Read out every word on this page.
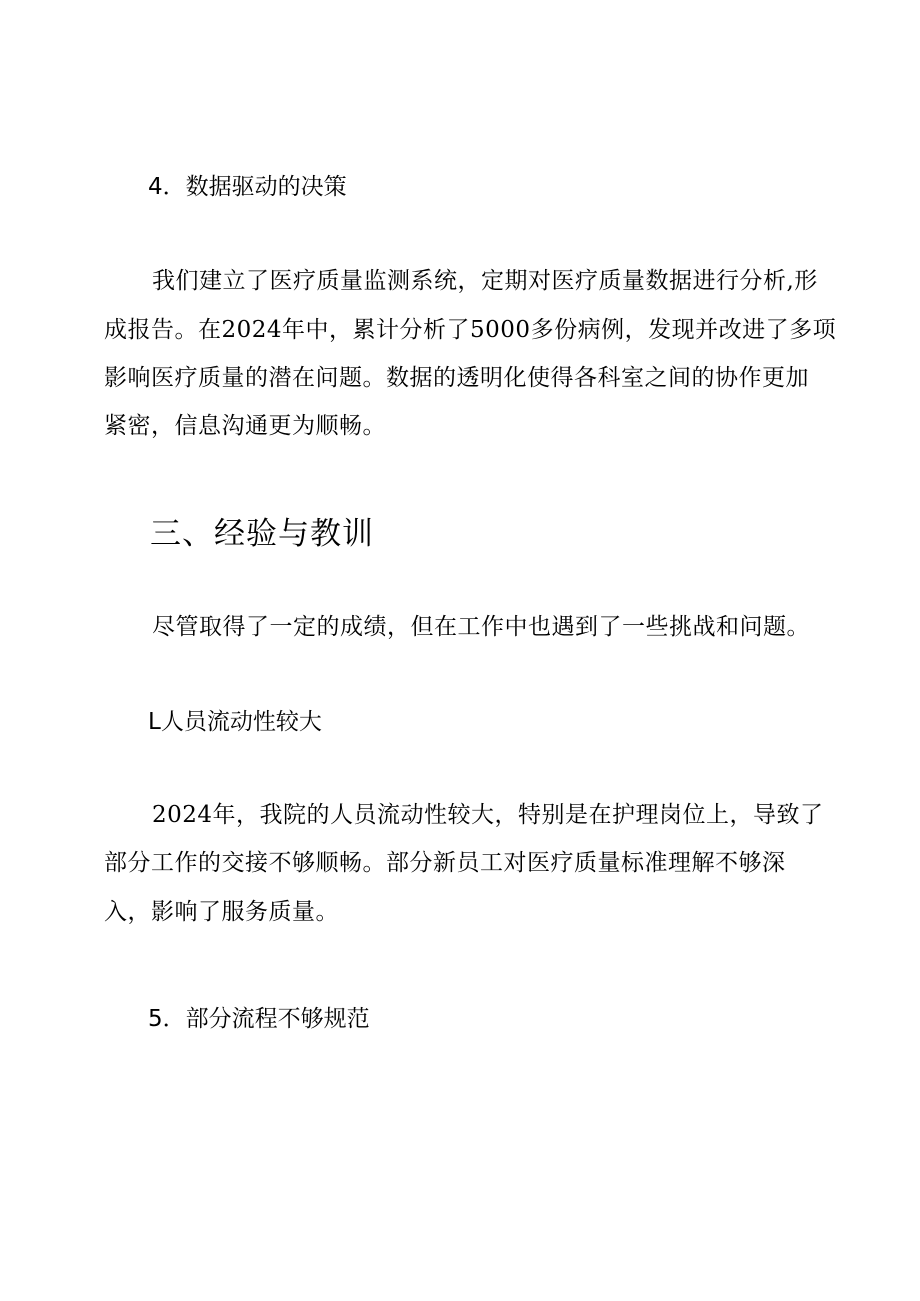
4．数据驱动的决策

我们建立了医疗质量监测系统，定期对医疗质量数据进行分析,形

成报告。在2024年中，累计分析了5000多份病例，发现并改进了多项

影响医疗质量的潜在问题。数据的透明化使得各科室之间的协作更加

紧密，信息沟通更为顺畅。

三、经验与教训

尽管取得了一定的成绩，但在工作中也遇到了一些挑战和问题。

L人员流动性较大

2024年，我院的人员流动性较大，特别是在护理岗位上，导致了

部分工作的交接不够顺畅。部分新员工对医疗质量标准理解不够深

入，影响了服务质量。

5．部分流程不够规范
